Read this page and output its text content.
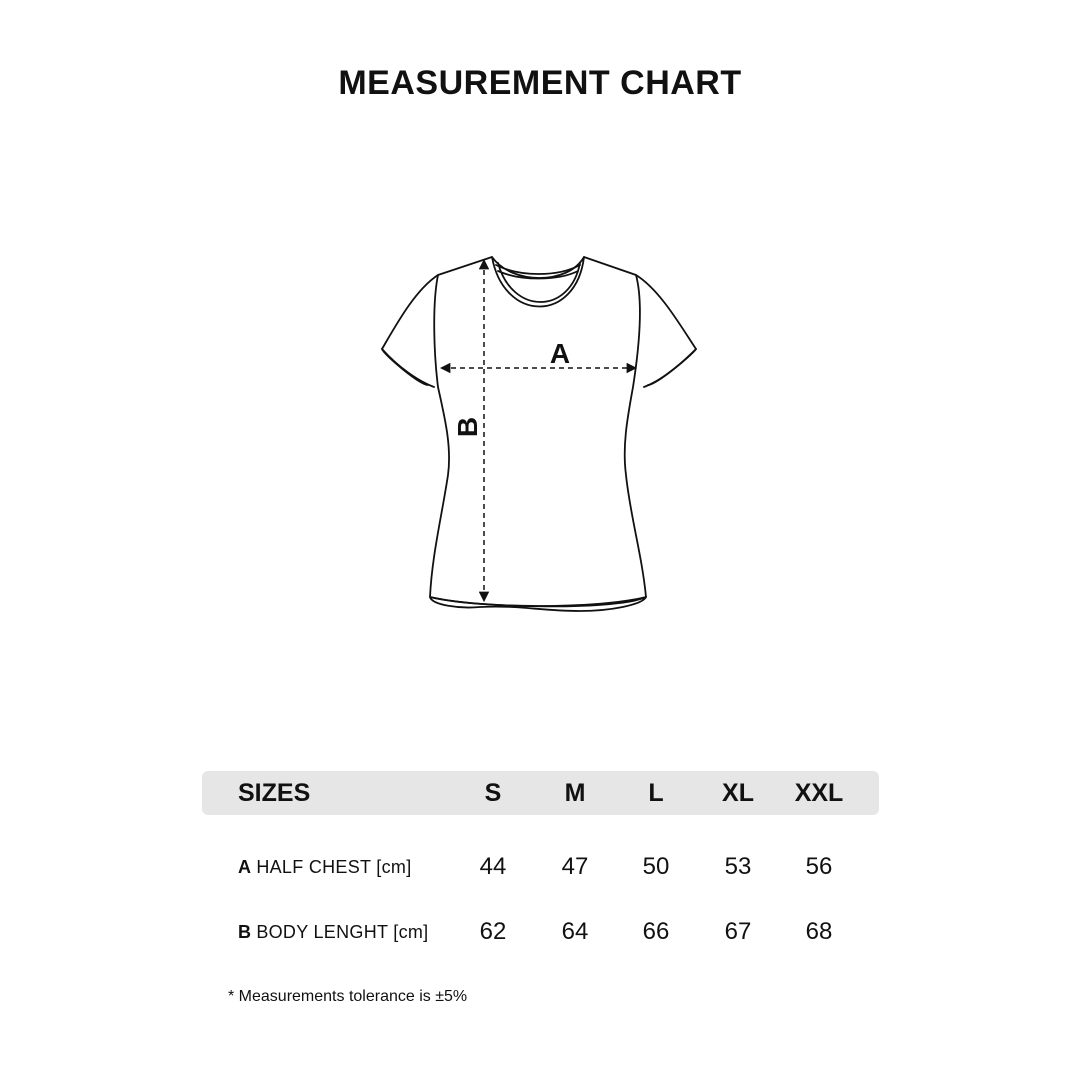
MEASUREMENT CHART
A
B
SIZES	S	M	L	XL	XXL
A HALF CHEST [cm]	44	47	50	53	56
B BODY LENGHT [cm]	62	64	66	67	68
* Measurements tolerance is ±5%
